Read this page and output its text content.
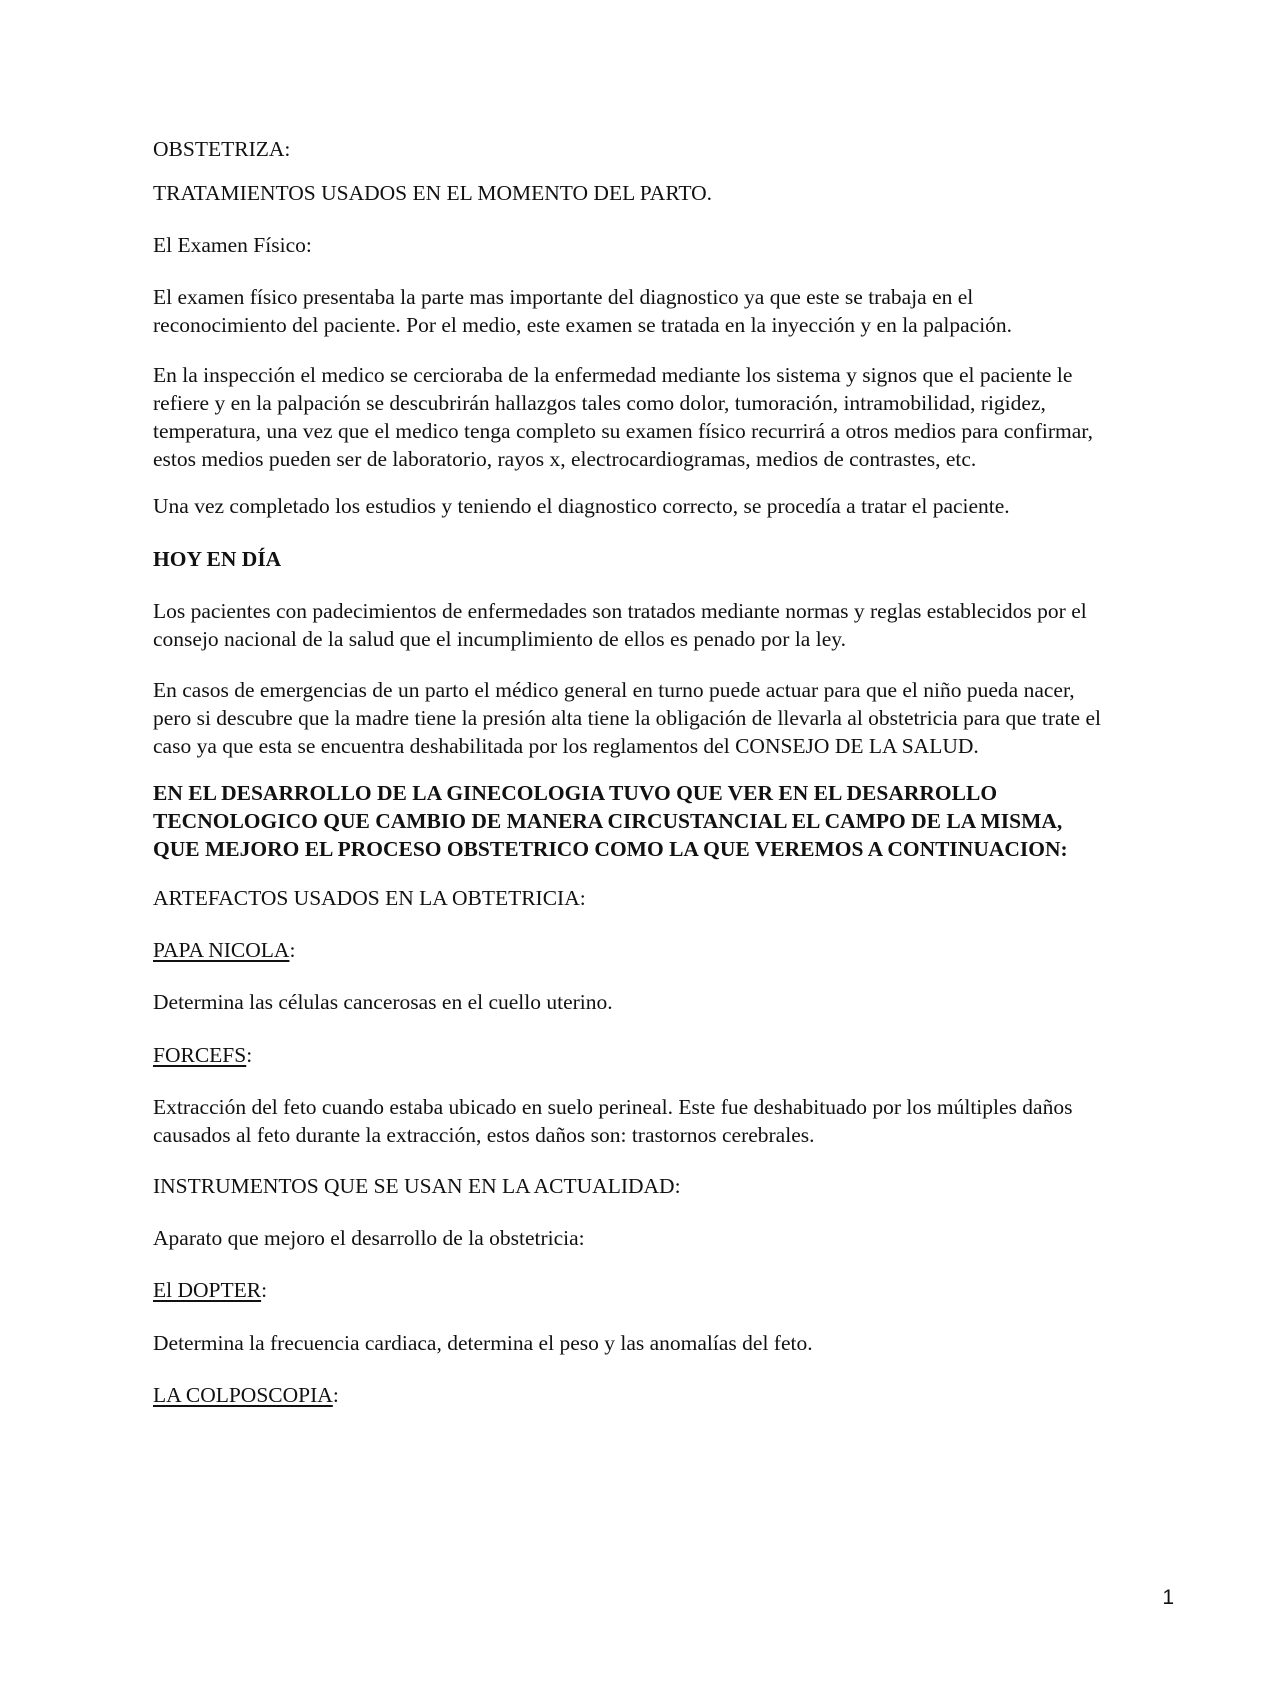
OBSTETRIZA:

TRATAMIENTOS USADOS EN EL MOMENTO DEL PARTO.

El Examen Físico:

El examen físico presentaba la parte mas importante del diagnostico ya que este se trabaja en el
reconocimiento del paciente. Por el medio, este examen se tratada en la inyección y en la palpación.

En la inspección el medico se cercioraba de la enfermedad mediante los sistema y signos que el paciente le
refiere y en la palpación se descubrirán hallazgos tales como dolor, tumoración, intramobilidad, rigidez,
temperatura, una vez que el medico tenga completo su examen físico recurrirá a otros medios para confirmar,
estos medios pueden ser de laboratorio, rayos x, electrocardiogramas, medios de contrastes, etc.

Una vez completado los estudios y teniendo el diagnostico correcto, se procedía a tratar el paciente.

HOY EN DÍA

Los pacientes con padecimientos de enfermedades son tratados mediante normas y reglas establecidos por el
consejo nacional de la salud que el incumplimiento de ellos es penado por la ley.

En casos de emergencias de un parto el médico general en turno puede actuar para que el niño pueda nacer,
pero si descubre que la madre tiene la presión alta tiene la obligación de llevarla al obstetricia para que trate el
caso ya que esta se encuentra deshabilitada por los reglamentos del CONSEJO DE LA SALUD.

EN EL DESARROLLO DE LA GINECOLOGIA TUVO QUE VER EN EL DESARROLLO
TECNOLOGICO QUE CAMBIO DE MANERA CIRCUSTANCIAL EL CAMPO DE LA MISMA,
QUE MEJORO EL PROCESO OBSTETRICO COMO LA QUE VEREMOS A CONTINUACION:

ARTEFACTOS USADOS EN LA OBTETRICIA:

PAPA NICOLA:

Determina las células cancerosas en el cuello uterino.

FORCEFS:

Extracción del feto cuando estaba ubicado en suelo perineal. Este fue deshabituado por los múltiples daños
causados al feto durante la extracción, estos daños son: trastornos cerebrales.

INSTRUMENTOS QUE SE USAN EN LA ACTUALIDAD:

Aparato que mejoro el desarrollo de la obstetricia:

El DOPTER:

Determina la frecuencia cardiaca, determina el peso y las anomalías del feto.

LA COLPOSCOPIA:

1
